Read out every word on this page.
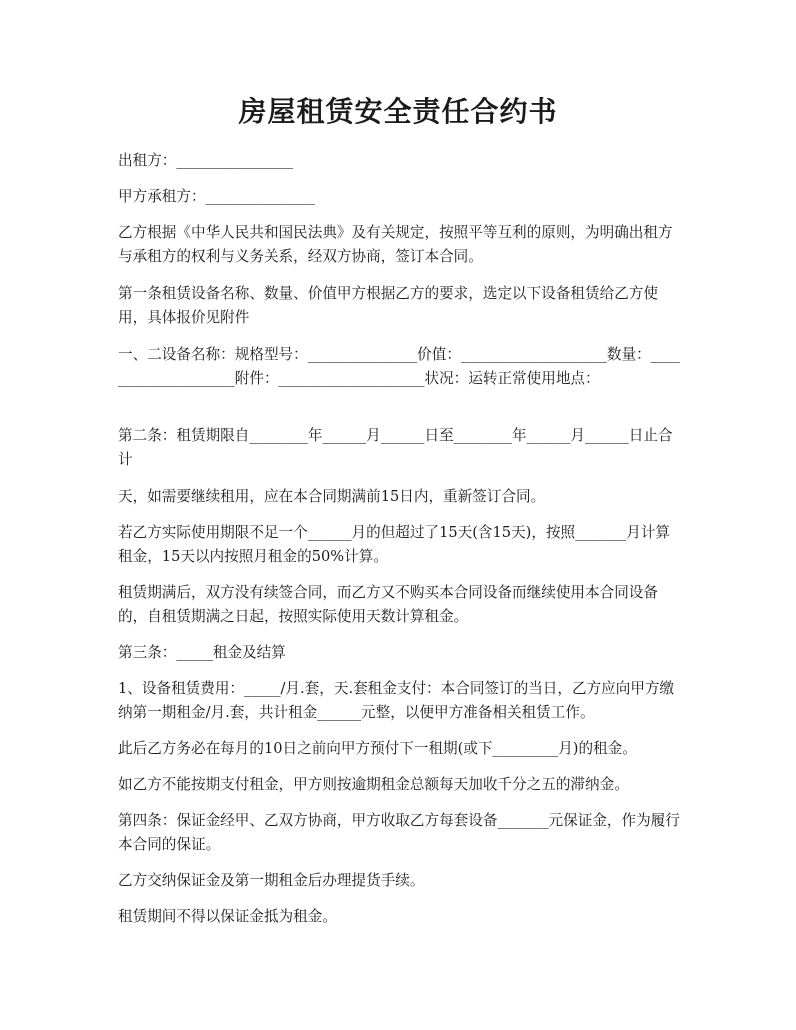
房屋租赁安全责任合约书

出租方：________________

甲方承租方：_______________

乙方根据《中华人民共和国民法典》及有关规定，按照平等互利的原则，为明确出租方与承租方的权利与义务关系，经双方协商，签订本合同。

第一条租赁设备名称、数量、价值甲方根据乙方的要求，选定以下设备租赁给乙方使用，具体报价见附件

一、二设备名称：规格型号：_______________价值：____________________数量：____________________附件：____________________状况：运转正常使用地点：

第二条：租赁期限自________年______月______日至________年______月______日止合计

天，如需要继续租用，应在本合同期满前15日内，重新签订合同。

若乙方实际使用期限不足一个______月的但超过了15天(含15天)，按照_______月计算租金，15天以内按照月租金的50%计算。

租赁期满后，双方没有续签合同，而乙方又不购买本合同设备而继续使用本合同设备的，自租赁期满之日起，按照实际使用天数计算租金。

第三条：_____租金及结算

1、设备租赁费用：_____/月.套，天.套租金支付：本合同签订的当日，乙方应向甲方缴纳第一期租金/月.套，共计租金______元整，以便甲方准备相关租赁工作。

此后乙方务必在每月的10日之前向甲方预付下一租期(或下_________月)的租金。

如乙方不能按期支付租金，甲方则按逾期租金总额每天加收千分之五的滞纳金。

第四条：保证金经甲、乙双方协商，甲方收取乙方每套设备_______元保证金，作为履行本合同的保证。

乙方交纳保证金及第一期租金后办理提货手续。

租赁期间不得以保证金抵为租金。
